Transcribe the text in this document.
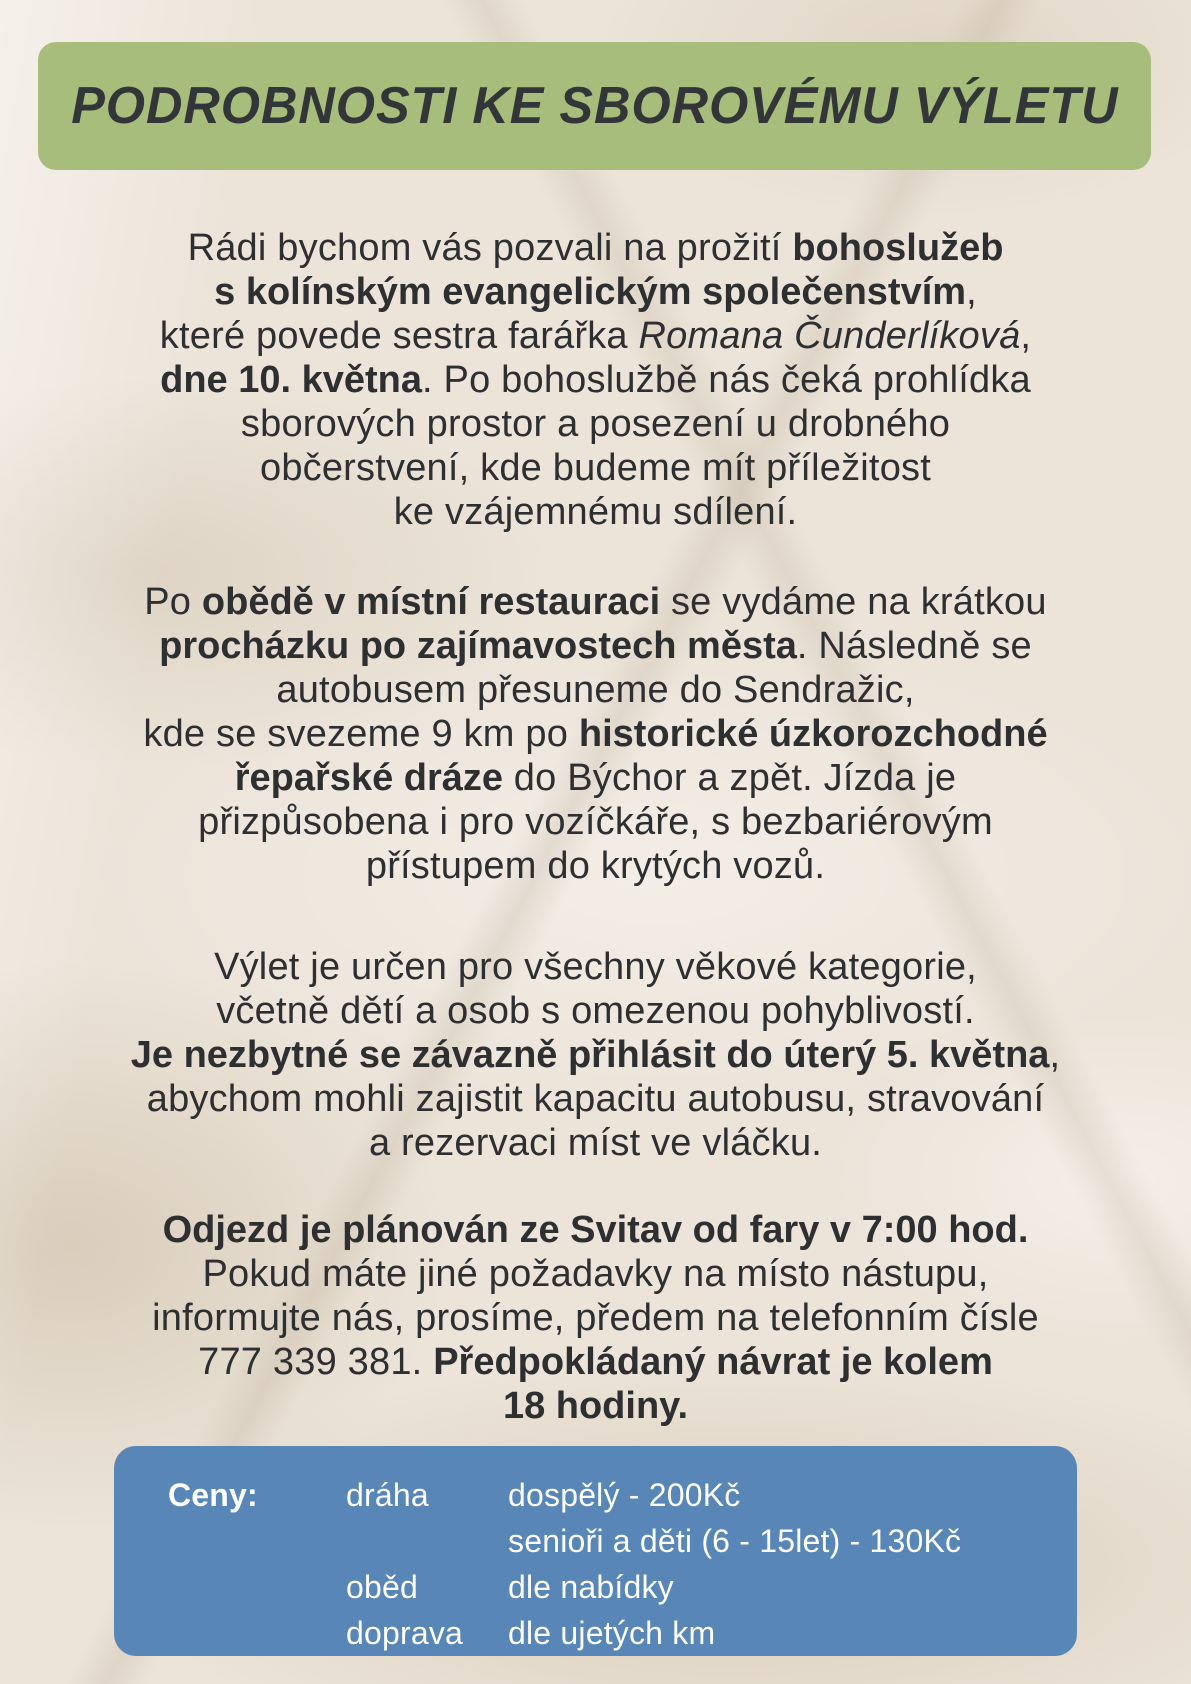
PODROBNOSTI KE SBOROVÉMU VÝLETU
Rádi bychom vás pozvali na prožití bohoslužeb
s kolínským evangelickým společenstvím,
které povede sestra farářka Romana Čunderlíková,
dne 10. května. Po bohoslužbě nás čeká prohlídka
sborových prostor a posezení u drobného
občerstvení, kde budeme mít příležitost
ke vzájemnému sdílení.
Po obědě v místní restauraci se vydáme na krátkou
procházku po zajímavostech města. Následně se
autobusem přesuneme do Sendražic,
kde se svezeme 9 km po historické úzkorozchodné
řepařské dráze do Býchor a zpět. Jízda je
přizpůsobena i pro vozíčkáře, s bezbariérovým
přístupem do krytých vozů.
Výlet je určen pro všechny věkové kategorie,
včetně dětí a osob s omezenou pohyblivostí.
Je nezbytné se závazně přihlásit do úterý 5. května,
abychom mohli zajistit kapacitu autobusu, stravování
a rezervaci míst ve vláčku.
Odjezd je plánován ze Svitav od fary v 7:00 hod.
Pokud máte jiné požadavky na místo nástupu,
informujte nás, prosíme, předem na telefonním čísle
777 339 381. Předpokládaný návrat je kolem
18 hodiny.
Ceny:	dráha	dospělý - 200Kč
senioři a děti (6 - 15let) - 130Kč
oběd	dle nabídky
doprava	dle ujetých km
